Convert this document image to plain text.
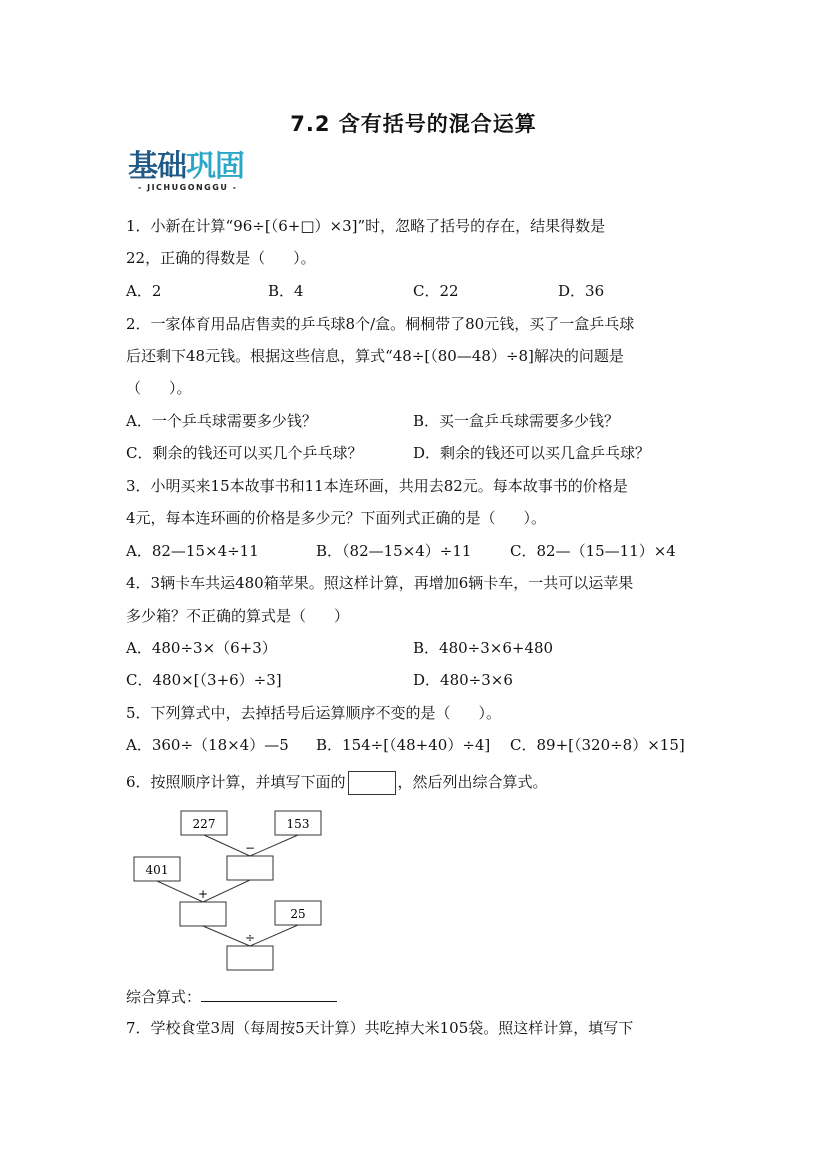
7.2 含有括号的混合运算
基础巩固
- JICHUGONGGU -
1．小新在计算“96÷[（6+□）×3]”时，忽略了括号的存在，结果得数是
22，正确的得数是（ ）。
A．2	B．4	C．22	D．36
2．一家体育用品店售卖的乒乓球8个/盒。桐桐带了80元钱，买了一盒乒乓球
后还剩下48元钱。根据这些信息，算式“48÷[（80—48）÷8]解决的问题是
（ ）。
A．一个乒乓球需要多少钱？	B．买一盒乒乓球需要多少钱？
C．剩余的钱还可以买几个乒乓球？	D．剩余的钱还可以买几盒乒乓球？
3．小明买来15本故事书和11本连环画，共用去82元。每本故事书的价格是
4元，每本连环画的价格是多少元？下面列式正确的是（ ）。
A．82—15×4÷11	B．（82—15×4）÷11	C．82—（15—11）×4
4．3辆卡车共运480箱苹果。照这样计算，再增加6辆卡车，一共可以运苹果
多少箱？不正确的算式是（ ）
A．480÷3×（6+3）	B．480÷3×6+480
C．480×[（3+6）÷3]	D．480÷3×6
5．下列算式中，去掉括号后运算顺序不变的是（ ）。
A．360÷（18×4）—5 B．154÷[（48+40）÷4] C．89+[（320÷8）×15]
6．按照顺序计算，并填写下面的	，然后列出综合算式。
227	153
401
25
−
+
÷
综合算式：
7．学校食堂3周（每周按5天计算）共吃掉大米105袋。照这样计算，填写下
